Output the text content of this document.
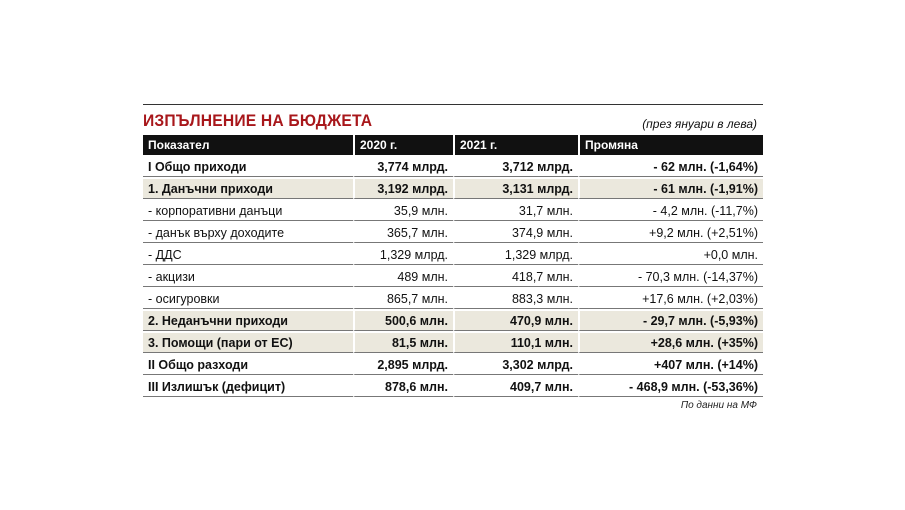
ИЗПЪЛНЕНИЕ НА БЮДЖЕТА	(през януари в лева)
Показател	2020 г.	2021 г.	Промяна
I Общо приходи	3,774 млрд.	3,712 млрд.	- 62 млн. (-1,64%)
1. Данъчни приходи	3,192 млрд.	3,131 млрд.	- 61 млн. (-1,91%)
- корпоративни данъци	35,9 млн.	31,7 млн.	- 4,2 млн. (-11,7%)
- данък върху доходите	365,7 млн.	374,9 млн.	+9,2 млн. (+2,51%)
- ДДС	1,329 млрд.	1,329 млрд.	+0,0 млн.
- акцизи	489 млн.	418,7 млн.	- 70,3 млн. (-14,37%)
- осигуровки	865,7 млн.	883,3 млн.	+17,6 млн. (+2,03%)
2. Неданъчни приходи	500,6 млн.	470,9 млн.	- 29,7 млн. (-5,93%)
3. Помощи (пари от ЕС)	81,5 млн.	110,1 млн.	+28,6 млн. (+35%)
II Общо разходи	2,895 млрд.	3,302 млрд.	+407 млн. (+14%)
III Излишък (дефицит)	878,6 млн.	409,7 млн.	- 468,9 млн. (-53,36%)
По данни на МФ
